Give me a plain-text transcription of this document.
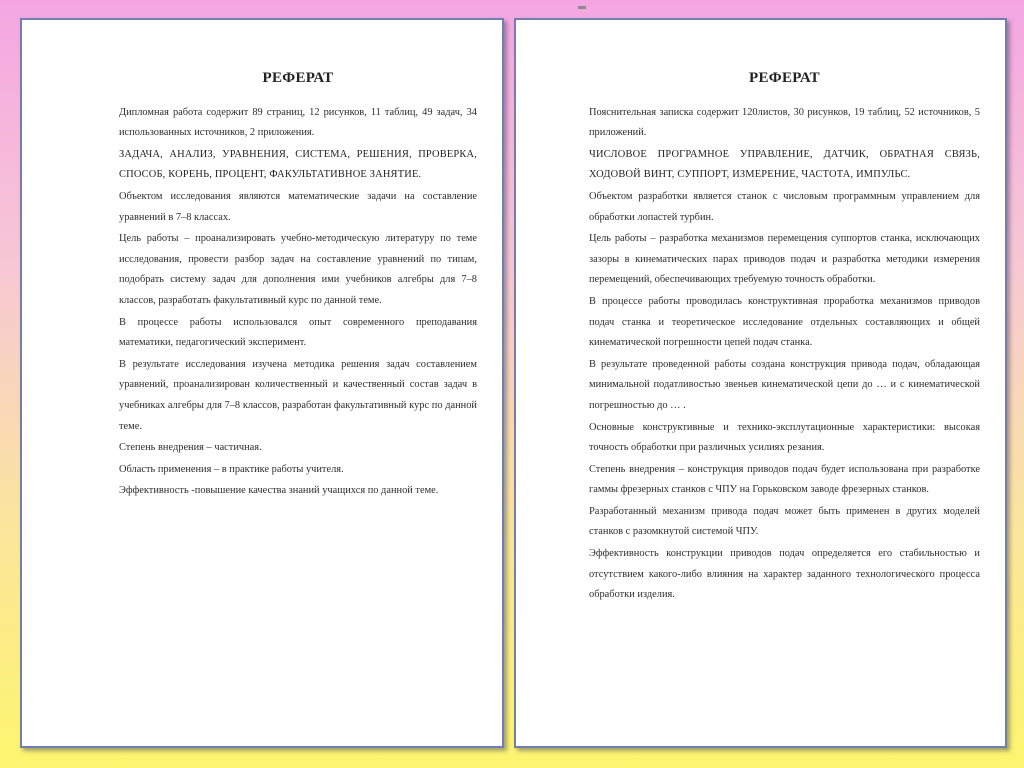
РЕФЕРАТ
Дипломная работа содержит 89 страниц, 12 рисунков, 11 таблиц, 49 задач, 34 использованных источников, 2 приложения.
ЗАДАЧА, АНАЛИЗ, УРАВНЕНИЯ, СИСТЕМА, РЕШЕНИЯ, ПРОВЕРКА, СПОСОБ, КОРЕНЬ, ПРОЦЕНТ, ФАКУЛЬТАТИВНОЕ ЗАНЯТИЕ.
Объектом исследования являются математические задачи на составление уравнений в 7–8 классах.
Цель работы – проанализировать учебно-методическую литературу по теме исследования, провести разбор задач на составление уравнений по типам, подобрать систему задач для дополнения ими учебников алгебры для 7–8 классов, разработать факультативный курс по данной теме.
В процессе работы использовался опыт современного преподавания математики, педагогический эксперимент.
В результате исследования изучена методика решения задач составлением уравнений, проанализирован количественный и качественный состав задач в учебниках алгебры для 7–8 классов, разработан факультативный курс по данной теме.
Степень внедрения – частичная.
Область применения – в практике работы учителя.
Эффективность -повышение качества знаний учащихся по данной теме.
РЕФЕРАТ
Пояснительная записка содержит 120листов, 30 рисунков, 19 таблиц, 52 источников, 5 приложений.
ЧИСЛОВОЕ ПРОГРАМНОЕ УПРАВЛЕНИЕ, ДАТЧИК, ОБРАТНАЯ СВЯЗЬ, ХОДОВОЙ ВИНТ, СУППОРТ, ИЗМЕРЕНИЕ, ЧАСТОТА, ИМПУЛЬС.
Объектом разработки является станок с числовым программным управлением для обработки лопастей турбин.
Цель работы – разработка механизмов перемещения суппортов станка, исключающих зазоры в кинематических парах приводов подач и разработка методики измерения перемещений, обеспечивающих требуемую точность обработки.
В процессе работы проводилась конструктивная проработка механизмов приводов подач станка и теоретическое исследование отдельных составляющих и общей кинематической погрешности цепей подач станка.
В результате проведенной работы создана конструкция привода подач, обладающая минимальной податливостью звеньев кинематической цепи до … и с кинематической погрешностью до … .
Основные конструктивные и технико-эксплутационные характеристики: высокая точность обработки при различных усилиях резания.
Степень внедрения – конструкция приводов подач будет использована при разработке гаммы фрезерных станков с ЧПУ на Горьковском заводе фрезерных станков.
Разработанный механизм привода подач может быть применен в других моделей станков с разомкнутой системой ЧПУ.
Эффективность конструкции приводов подач определяется его стабильностью и отсутствием какого-либо влияния на характер заданного технологического процесса обработки изделия.
